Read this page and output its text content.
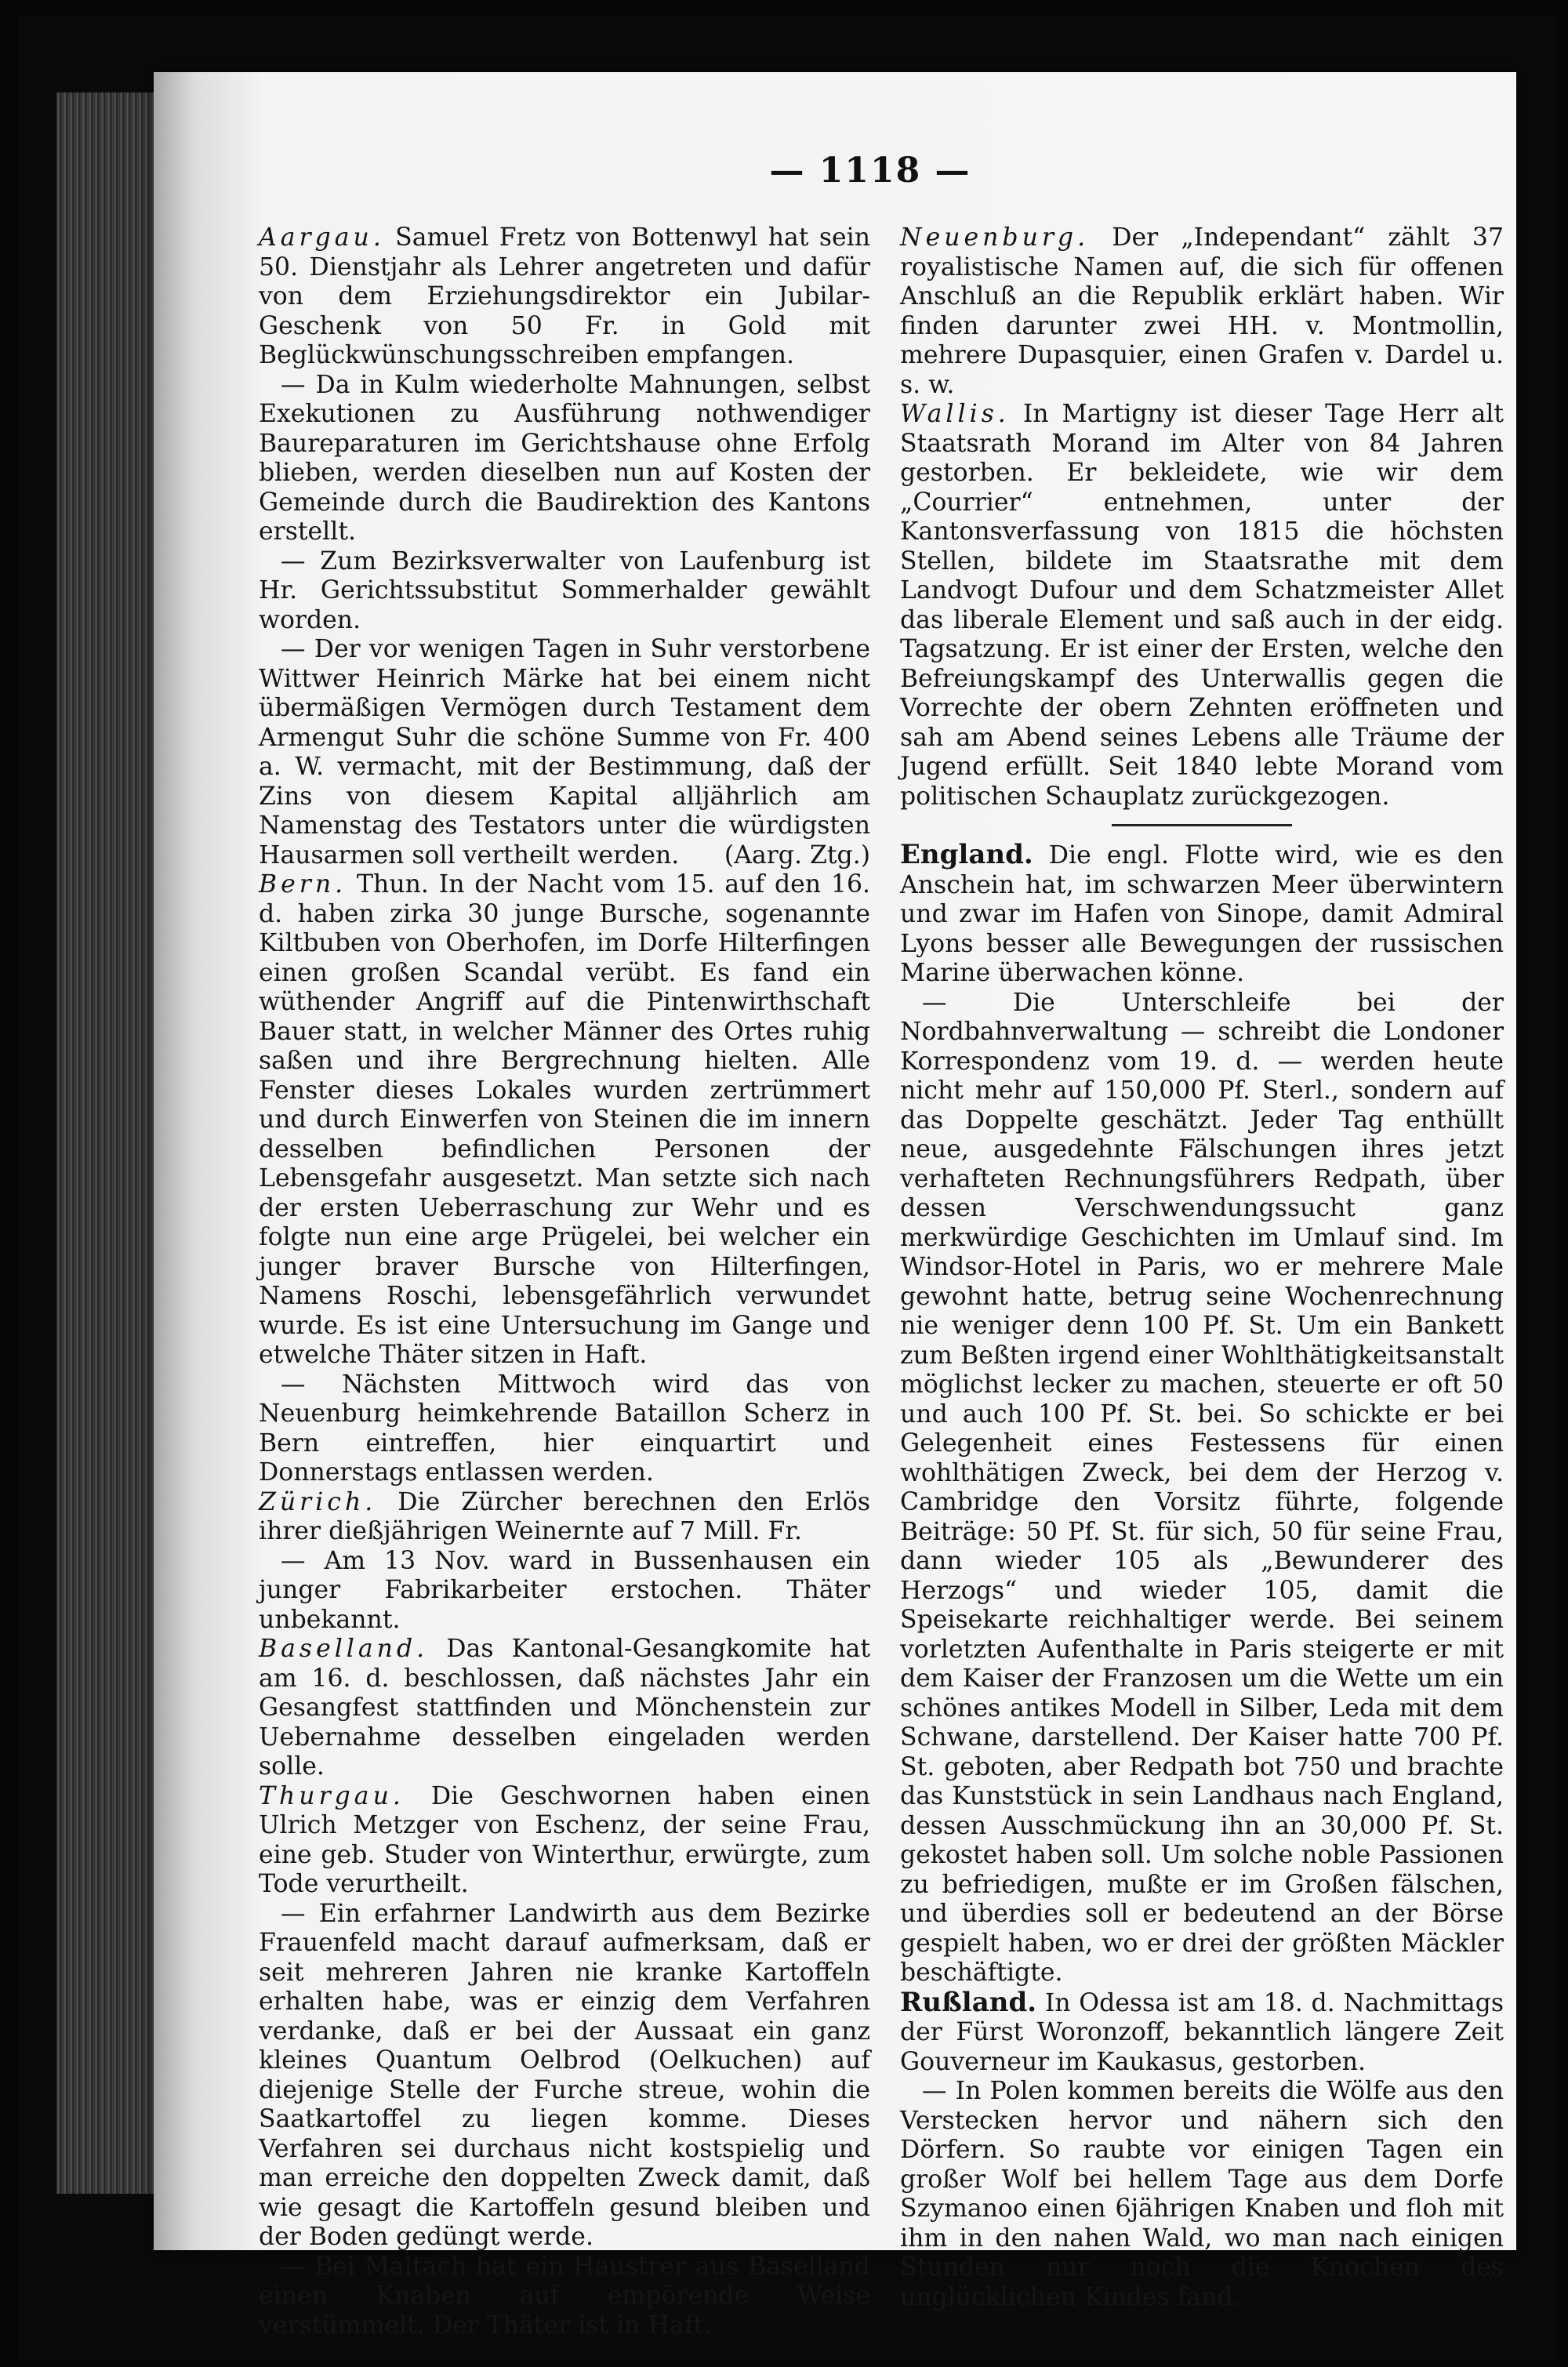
— 1118 —

Aargau. Samuel Fretz von Bottenwyl hat sein 50. Dienstjahr als Lehrer angetreten und dafür von dem Erziehungsdirektor ein Jubilar-Geschenk von 50 Fr. in Gold mit Beglückwünschungsschreiben empfangen.

— Da in Kulm wiederholte Mahnungen, selbst Exekutionen zu Ausführung nothwendiger Baureparaturen im Gerichtshause ohne Erfolg blieben, werden dieselben nun auf Kosten der Gemeinde durch die Baudirektion des Kantons erstellt.

— Zum Bezirksverwalter von Laufenburg ist Hr. Gerichtssubstitut Sommerhalder gewählt worden.

— Der vor wenigen Tagen in Suhr verstorbene Wittwer Heinrich Märke hat bei einem nicht übermäßigen Vermögen durch Testament dem Armengut Suhr die schöne Summe von Fr. 400 a. W. vermacht, mit der Bestimmung, daß der Zins von diesem Kapital alljährlich am Namenstag des Testators unter die würdigsten Hausarmen soll vertheilt werden.	(Aarg. Ztg.)

Bern. Thun. In der Nacht vom 15. auf den 16. d. haben zirka 30 junge Bursche, sogenannte Kiltbuben von Oberhofen, im Dorfe Hilterfingen einen großen Scandal verübt. Es fand ein wüthender Angriff auf die Pintenwirthschaft Bauer statt, in welcher Männer des Ortes ruhig saßen und ihre Bergrechnung hielten. Alle Fenster dieses Lokales wurden zertrümmert und durch Einwerfen von Steinen die im innern desselben befindlichen Personen der Lebensgefahr ausgesetzt. Man setzte sich nach der ersten Ueberraschung zur Wehr und es folgte nun eine arge Prügelei, bei welcher ein junger braver Bursche von Hilterfingen, Namens Roschi, lebensgefährlich verwundet wurde. Es ist eine Untersuchung im Gange und etwelche Thäter sitzen in Haft.

— Nächsten Mittwoch wird das von Neuenburg heimkehrende Bataillon Scherz in Bern eintreffen, hier einquartirt und Donnerstags entlassen werden.

Zürich. Die Zürcher berechnen den Erlös ihrer dießjährigen Weinernte auf 7 Mill. Fr.

— Am 13 Nov. ward in Bussenhausen ein junger Fabrikarbeiter erstochen. Thäter unbekannt.

Baselland. Das Kantonal-Gesangkomite hat am 16. d. beschlossen, daß nächstes Jahr ein Gesangfest stattfinden und Mönchenstein zur Uebernahme desselben eingeladen werden solle.

Thurgau. Die Geschwornen haben einen Ulrich Metzger von Eschenz, der seine Frau, eine geb. Studer von Winterthur, erwürgte, zum Tode verurtheilt.

— Ein erfahrner Landwirth aus dem Bezirke Frauenfeld macht darauf aufmerksam, daß er seit mehreren Jahren nie kranke Kartoffeln erhalten habe, was er einzig dem Verfahren verdanke, daß er bei der Aussaat ein ganz kleines Quantum Oelbrod (Oelkuchen) auf diejenige Stelle der Furche streue, wohin die Saatkartoffel zu liegen komme. Dieses Verfahren sei durchaus nicht kostspielig und man erreiche den doppelten Zweck damit, daß wie gesagt die Kartoffeln gesund bleiben und der Boden gedüngt werde.

— Bei Maltach hat ein Haustrer aus Baselland einen Knaben auf empörende Weise verstümmelt. Der Thäter ist in Haft.

Neuenburg. Der „Independant“ zählt 37 royalistische Namen auf, die sich für offenen Anschluß an die Republik erklärt haben. Wir finden darunter zwei HH. v. Montmollin, mehrere Dupasquier, einen Grafen v. Dardel u. s. w.

Wallis. In Martigny ist dieser Tage Herr alt Staatsrath Morand im Alter von 84 Jahren gestorben. Er bekleidete, wie wir dem „Courrier“ entnehmen, unter der Kantonsverfassung von 1815 die höchsten Stellen, bildete im Staatsrathe mit dem Landvogt Dufour und dem Schatzmeister Allet das liberale Element und saß auch in der eidg. Tagsatzung. Er ist einer der Ersten, welche den Befreiungskampf des Unterwallis gegen die Vorrechte der obern Zehnten eröffneten und sah am Abend seines Lebens alle Träume der Jugend erfüllt. Seit 1840 lebte Morand vom politischen Schauplatz zurückgezogen.

England. Die engl. Flotte wird, wie es den Anschein hat, im schwarzen Meer überwintern und zwar im Hafen von Sinope, damit Admiral Lyons besser alle Bewegungen der russischen Marine überwachen könne.

— Die Unterschleife bei der Nordbahnverwaltung — schreibt die Londoner Korrespondenz vom 19. d. — werden heute nicht mehr auf 150,000 Pf. Sterl., sondern auf das Doppelte geschätzt. Jeder Tag enthüllt neue, ausgedehnte Fälschungen ihres jetzt verhafteten Rechnungsführers Redpath, über dessen Verschwendungssucht ganz merkwürdige Geschichten im Umlauf sind. Im Windsor-Hotel in Paris, wo er mehrere Male gewohnt hatte, betrug seine Wochenrechnung nie weniger denn 100 Pf. St. Um ein Bankett zum Beßten irgend einer Wohlthätigkeitsanstalt möglichst lecker zu machen, steuerte er oft 50 und auch 100 Pf. St. bei. So schickte er bei Gelegenheit eines Festessens für einen wohlthätigen Zweck, bei dem der Herzog v. Cambridge den Vorsitz führte, folgende Beiträge: 50 Pf. St. für sich, 50 für seine Frau, dann wieder 105 als „Bewunderer des Herzogs“ und wieder 105, damit die Speisekarte reichhaltiger werde. Bei seinem vorletzten Aufenthalte in Paris steigerte er mit dem Kaiser der Franzosen um die Wette um ein schönes antikes Modell in Silber, Leda mit dem Schwane, darstellend. Der Kaiser hatte 700 Pf. St. geboten, aber Redpath bot 750 und brachte das Kunststück in sein Landhaus nach England, dessen Ausschmückung ihn an 30,000 Pf. St. gekostet haben soll. Um solche noble Passionen zu befriedigen, mußte er im Großen fälschen, und überdies soll er bedeutend an der Börse gespielt haben, wo er drei der größten Mäckler beschäftigte.

Rußland. In Odessa ist am 18. d. Nachmittags der Fürst Woronzoff, bekanntlich längere Zeit Gouverneur im Kaukasus, gestorben.

— In Polen kommen bereits die Wölfe aus den Verstecken hervor und nähern sich den Dörfern. So raubte vor einigen Tagen ein großer Wolf bei hellem Tage aus dem Dorfe Szymanoo einen 6jährigen Knaben und floh mit ihm in den nahen Wald, wo man nach einigen Stunden nur noch die Knochen des unglücklichen Kindes fand.
